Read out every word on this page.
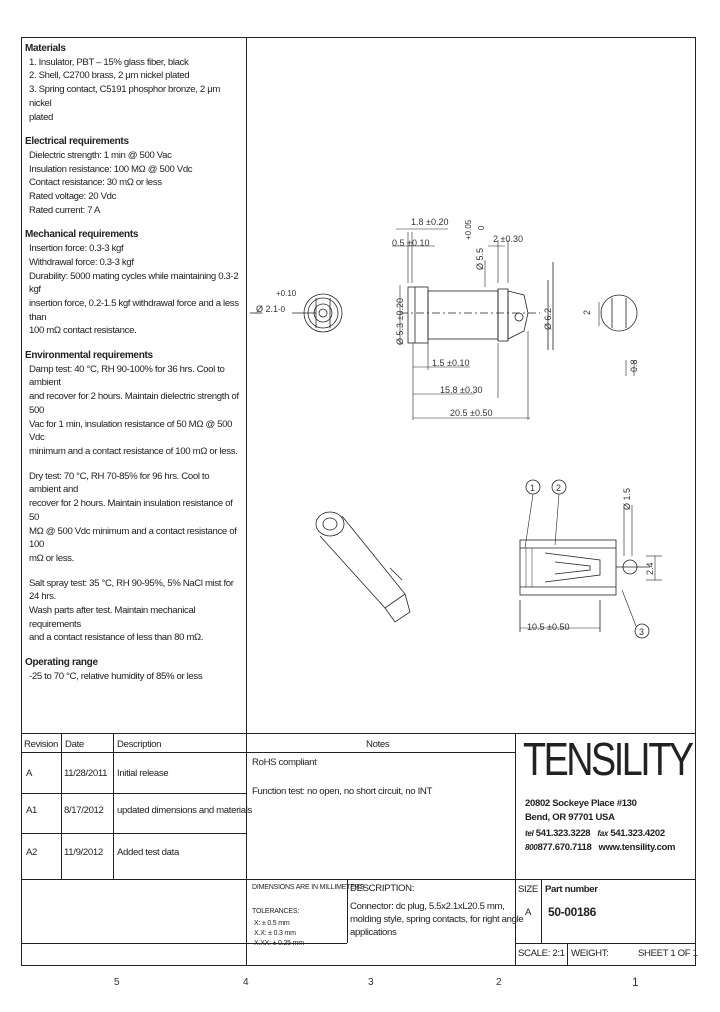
Materials
1. Insulator, PBT – 15% glass fiber, black
2. Shell, C2700 brass, 2 μm nickel plated
3. Spring contact, C5191 phosphor bronze, 2 μm nickel
plated
Electrical requirements
Dielectric strength: 1 min @ 500 Vac
Insulation resistance: 100 MΩ @ 500 Vdc
Contact resistance: 30 mΩ or less
Rated voltage: 20 Vdc
Rated current: 7 A
Mechanical requirements
Insertion force: 0.3-3 kgf
Withdrawal force: 0.3-3 kgf
Durability: 5000 mating cycles while maintaining 0.3-2 kgf
insertion force, 0.2-1.5 kgf withdrawal force and a less than
100 mΩ contact resistance.
Environmental requirements
Damp test: 40 °C, RH 90-100% for 36 hrs. Cool to ambient
and recover for 2 hours. Maintain dielectric strength of 500
Vac for 1 min, insulation resistance of 50 MΩ @ 500 Vdc
minimum and a contact resistance of 100 mΩ or less.
Dry test: 70 °C, RH 70-85% for 96 hrs. Cool to ambient and
recover for 2 hours. Maintain insulation resistance of 50
MΩ @ 500 Vdc minimum and a contact resistance of 100
mΩ or less.
Salt spray test: 35 °C, RH 90-95%, 5% NaCl mist for 24 hrs.
Wash parts after test. Maintain mechanical requirements
and a contact resistance of less than 80 mΩ.
Operating range
-25 to 70 °C, relative humidity of 85% or less
Ø 2.1
+0.10
-0
1.8 ±0.20
0.5 ±0.10
Ø 5.5
+0.05 0
2 ±0.30
Ø 5.3 ±0.20	Ø 6.2
1.5 ±0.10
15.8 ±0.30
20.5 ±0.50
2
0.8
Ø 1.5
2.4
10.5 ±0.50
1 2
3
5	4	3	2	1
Revision Date	Description	Notes
A	11/28/2011 Initial release
A1	8/17/2012 updated dimensions and materials
A2	11/9/2012 Added test data
RoHS compliant
Function test: no open, no short circuit, no INT
TENSILITY
20802 Sockeye Place #130
Bend, OR 97701 USA
tel 541.323.3228 fax 541.323.4202
800877.670.7118 www.tensility.com
DIMENSIONS ARE IN MILLIMETERS
TOLERANCES:
X: ± 0.5 mm
X.X: ± 0.3 mm
X.XX: ± 0.25 mm
DESCRIPTION:
Connector: dc plug, 5.5x2.1xL20.5 mm,
molding style, spring contacts, for right angle
applications
SIZE
A
Part number
50-00186
SCALE: 2:1 WEIGHT:	SHEET 1 OF 1
